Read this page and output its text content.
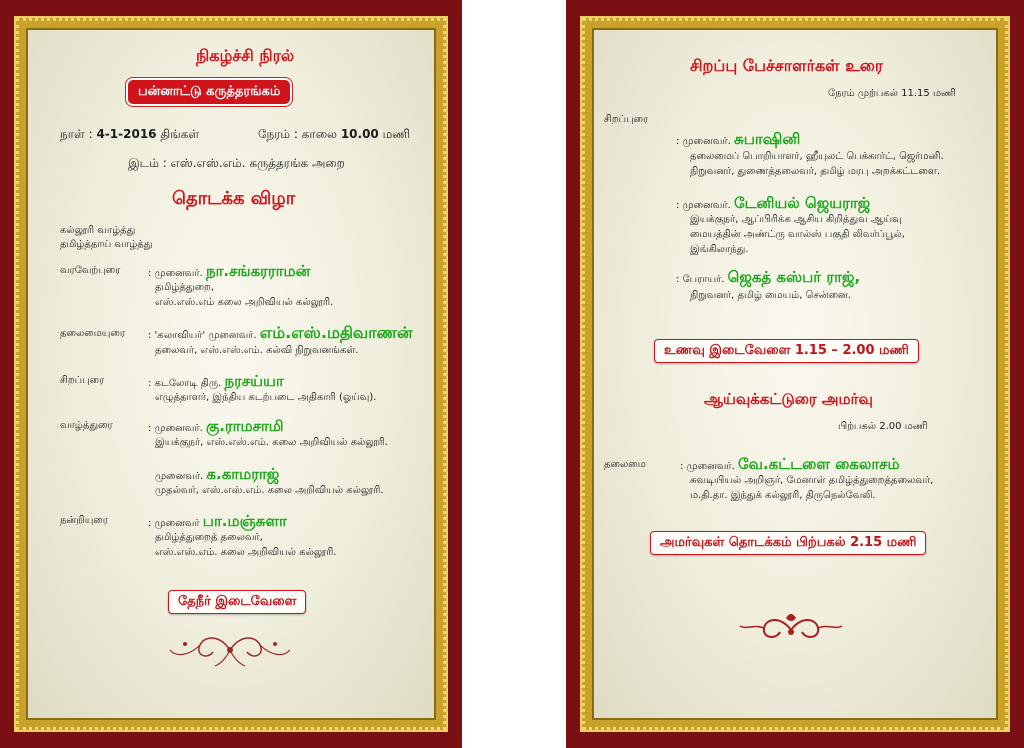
நிகழ்ச்சி நிரல்
பன்னாட்டு கருத்தரங்கம்
நாள் : 4-1-2016 திங்கள்	நேரம் : காலை 10.00 மணி
இடம் : எஸ்.எஸ்.எம். கருத்தரங்க அறை
தொடக்க விழா
கல்லூரி வாழ்த்து
தமிழ்த்தாய் வாழ்த்து
வரவேற்புரை	: முனைவர். நா.சங்கரராமன்
தமிழ்த்துறை,
எஸ்.எஸ்.எம் கலை அறிவியல் கல்லூரி.
தலைமையுரை : 'கலாவியர்' முனைவர். எம்.எஸ்.மதிவாணன்
தலைவர், எஸ்.எஸ்.எம். கல்வி நிறுவனங்கள்.
சிறப்புரை	: கடலோடி திரு. நரசய்யா
எழுத்தாளர், இந்திய கடற்படை அதிகாரி (ஓய்வு).
வாழ்த்துரை	: முனைவர். கு.ராமசாமி
இயக்குநர், எஸ்.எஸ்.எம். கலை அறிவியல் கல்லூரி.
முனைவர். க.காமராஜ்
முதல்வர், எஸ்.எஸ்.எம். கலை அறிவியல் கல்லூரி.
நன்றியுரை	: முனைவர் பா.மஞ்சுளா
தமிழ்த்துறைத் தலைவர்,
எஸ்.எஸ்.எம். கலை அறிவியல் கல்லூரி.
தேநீர் இடைவேளை
சிறப்பு பேச்சாளர்கள் உரை
நேரம் முற்பகல் 11.15 மணி
சிறப்புரை
: முனைவர். சுபாஷினி
தலைமைப் பொறியாளர், ஹீயுலட் பெக்கார்ட், ஜெர்மனி.
நிறுவனர், துணைத்தலைவர், தமிழ் மரபு அறக்கட்டளை.
: முனைவர். டேனியல் ஜெயராஜ்
இயக்குநர், ஆப்பிரிக்க ஆசிய கிறித்துவ ஆய்வு
மையத்தின் அண்ட்ரு வால்ஸ் பகுதி லிவர்ப்பூல்,
இங்கிலாந்து.
: பேராயர். ஜெகத் கஸ்பர் ராஜ்,
நிறுவனர், தமிழ் மையம், சென்னை.
உணவு இடைவேளை 1.15 – 2.00 மணி
ஆய்வுக்கட்டுரை அமர்வு
பிற்பகல் 2.00 மணி
தலைமை	: முனைவர். வே.கட்டளை கைலாசம்
சுவடியியல் அறிஞர், மேனாள் தமிழ்த்துறைத்தலைவர்,
ம.தி.தா. இந்துக் கல்லூரி, திருநெல்வேலி.
அமர்வுகள் தொடக்கம் பிற்பகல் 2.15 மணி
